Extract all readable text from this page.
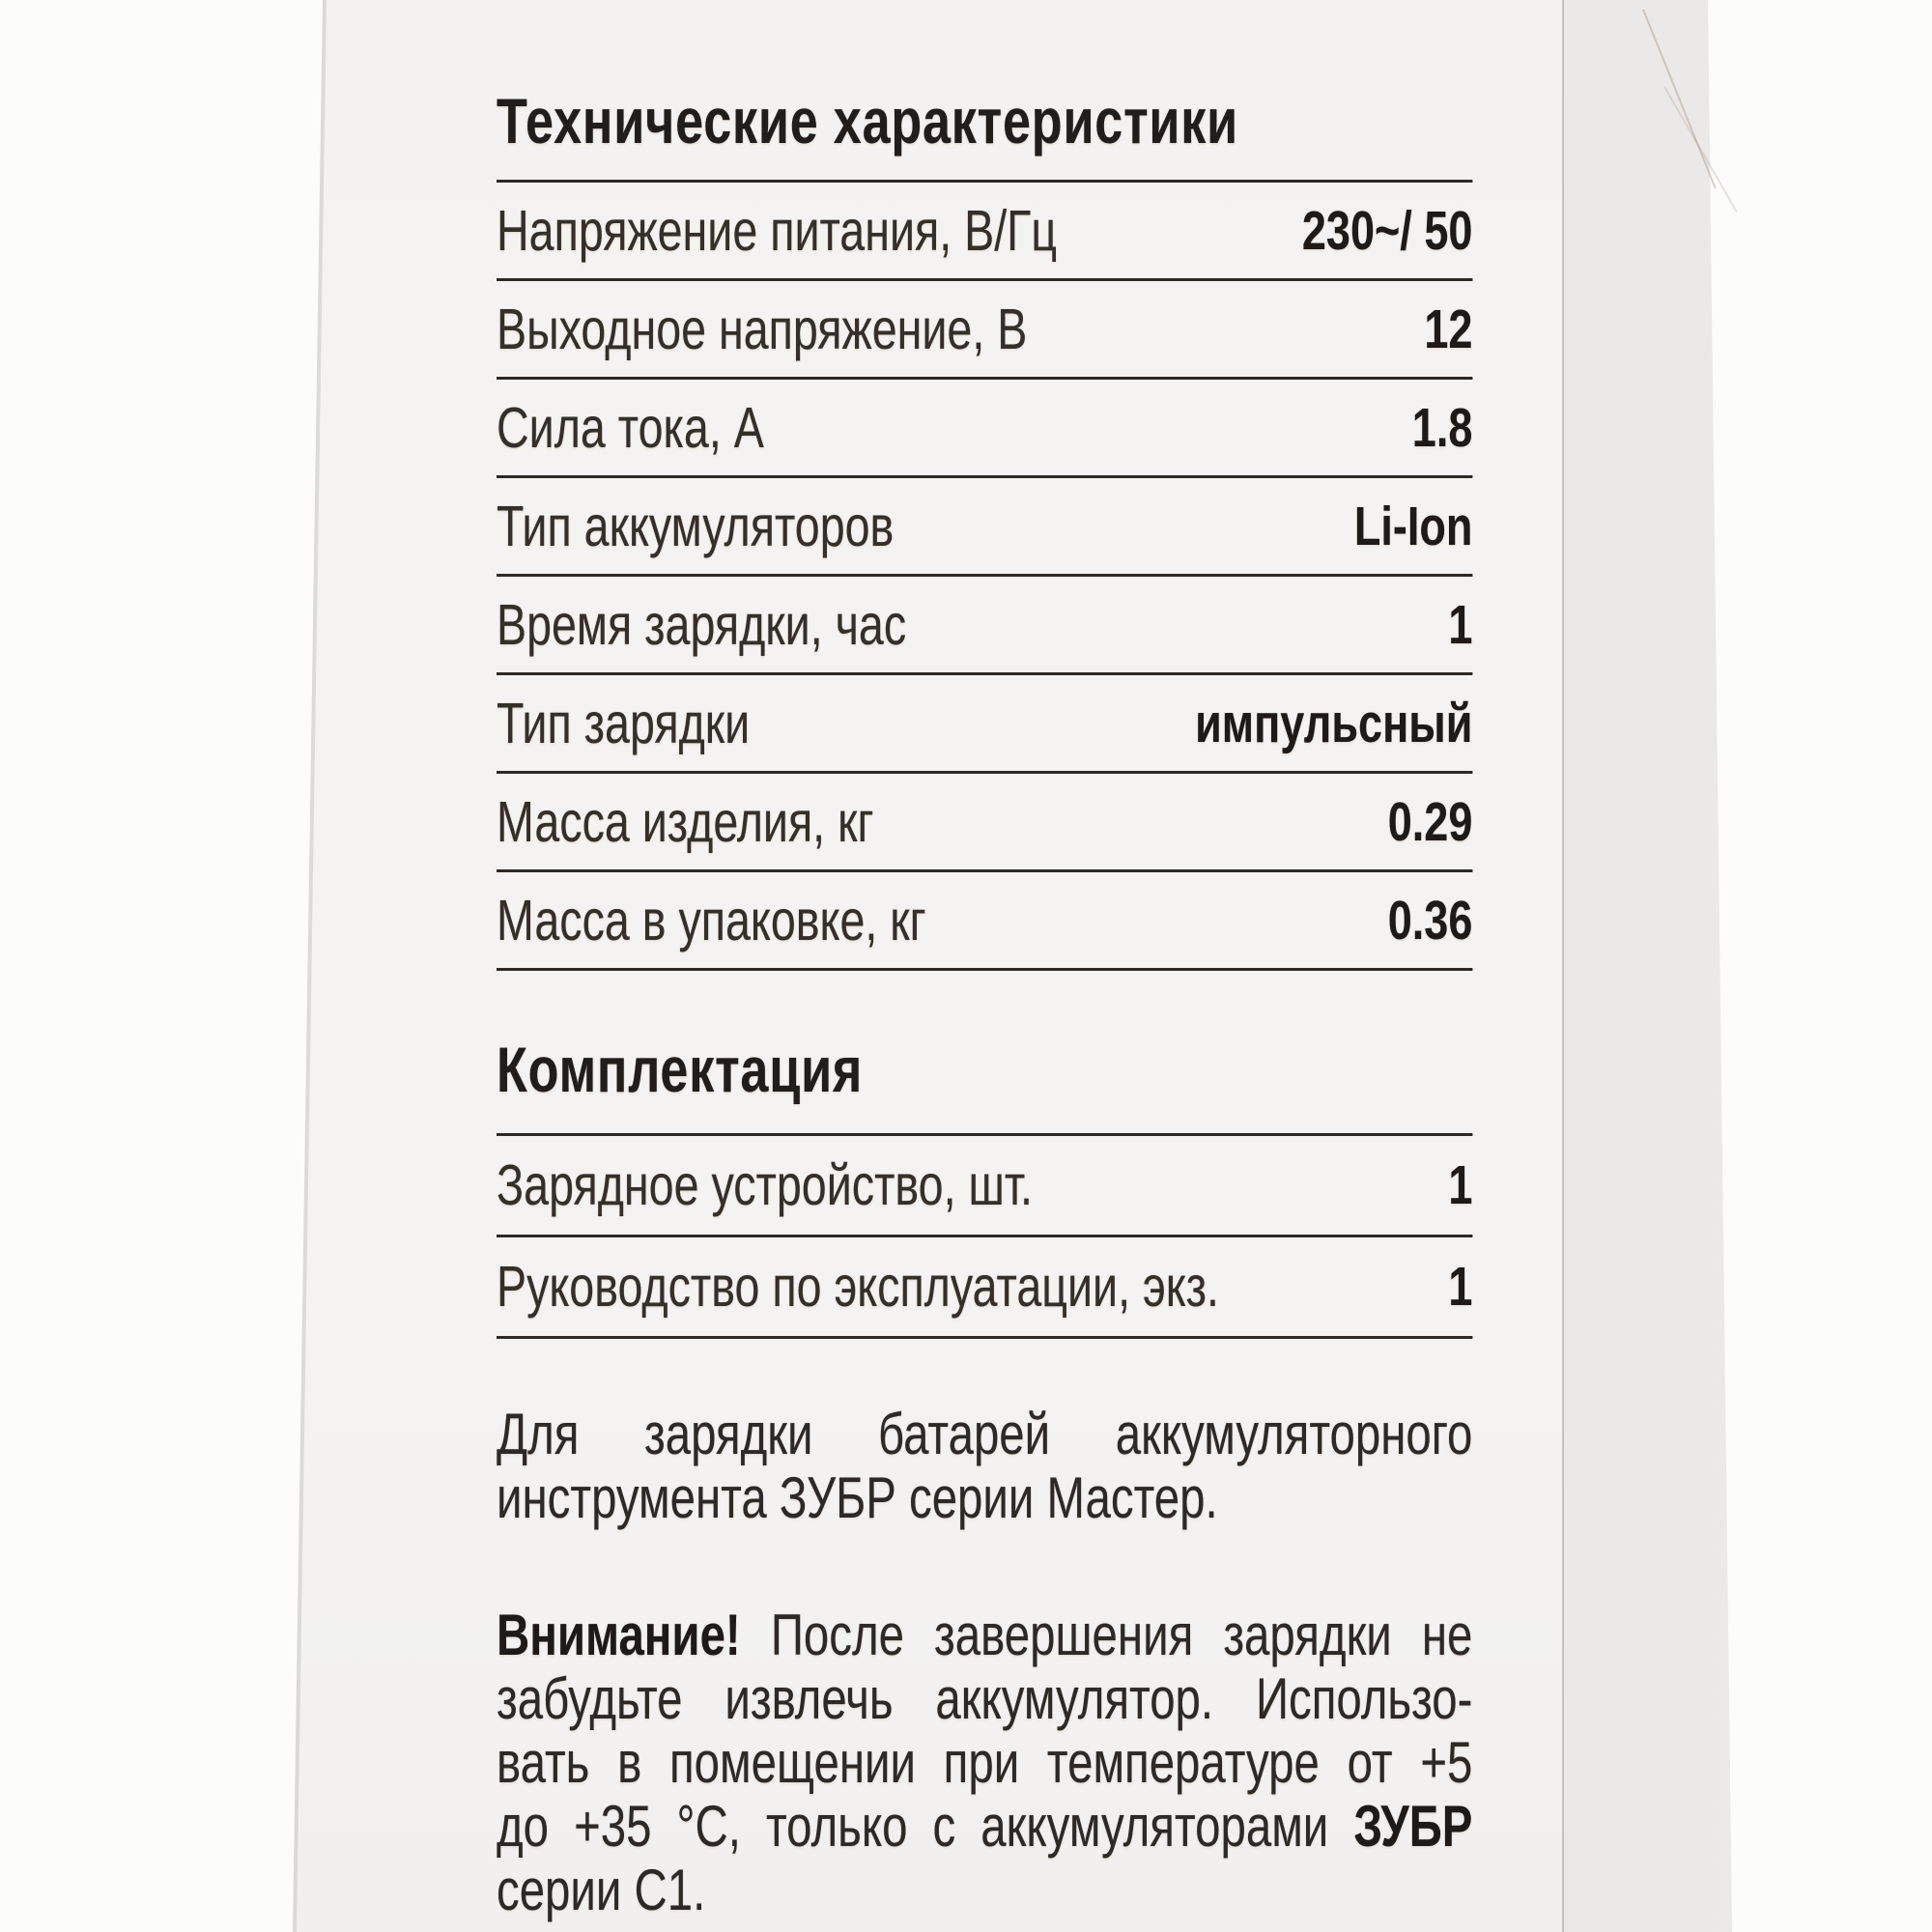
Технические характеристики
Напряжение питания, В/Гц	230~/ 50
Выходное напряжение, В	12
Сила тока, А	1.8
Тип аккумуляторов	Li-Ion
Время зарядки, час	1
Тип зарядки	импульсный
Масса изделия, кг	0.29
Масса в упаковке, кг	0.36
Комплектация
Зарядное устройство, шт.	1
Руководство по эксплуатации, экз.	1
Для зарядки батарей аккумуляторного
инструмента ЗУБР серии Мастер.
Внимание! После завершения зарядки не
забудьте извлечь аккумулятор. Использо-
вать в помещении при температуре от +5
до +35 °C, только с аккумуляторами ЗУБР
серии С1.
